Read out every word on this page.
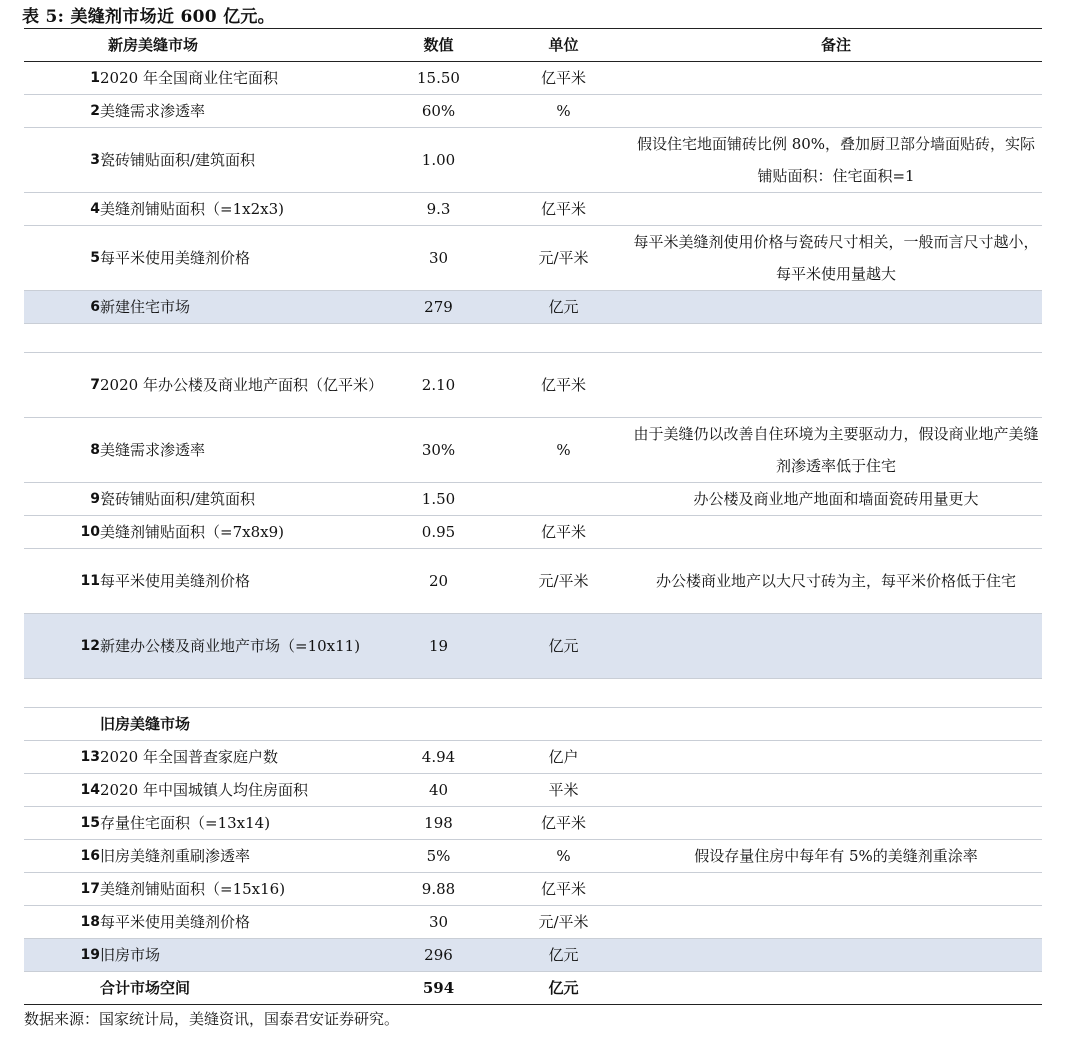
表 5: 美缝剂市场近 600 亿元。
	新房美缝市场	数值	单位	备注
1	2020 年全国商业住宅面积	15.50	亿平米	
2	美缝需求渗透率	60%	%	
3	瓷砖铺贴面积/建筑面积	1.00		假设住宅地面铺砖比例 80%，叠加厨卫部分墙面贴砖，实际铺贴面积：住宅面积=1
4	美缝剂铺贴面积（=1x2x3)	9.3	亿平米	
5	每平米使用美缝剂价格	30	元/平米	每平米美缝剂使用价格与瓷砖尺寸相关，一般而言尺寸越小，每平米使用量越大
6	新建住宅市场	279	亿元	

7	2020 年办公楼及商业地产面积（亿平米）	2.10	亿平米	
8	美缝需求渗透率	30%	%	由于美缝仍以改善自住环境为主要驱动力，假设商业地产美缝剂渗透率低于住宅
9	瓷砖铺贴面积/建筑面积	1.50		办公楼及商业地产地面和墙面瓷砖用量更大
10	美缝剂铺贴面积（=7x8x9)	0.95	亿平米	
11	每平米使用美缝剂价格	20	元/平米	办公楼商业地产以大尺寸砖为主，每平米价格低于住宅
12	新建办公楼及商业地产市场（=10x11)	19	亿元	

	旧房美缝市场			
13	2020 年全国普查家庭户数	4.94	亿户	
14	2020 年中国城镇人均住房面积	40	平米	
15	存量住宅面积（=13x14)	198	亿平米	
16	旧房美缝剂重刷渗透率	5%	%	假设存量住房中每年有 5%的美缝剂重涂率
17	美缝剂铺贴面积（=15x16)	9.88	亿平米	
18	每平米使用美缝剂价格	30	元/平米	
19	旧房市场	296	亿元	
	合计市场空间	594	亿元	
数据来源：国家统计局，美缝资讯，国泰君安证券研究。
